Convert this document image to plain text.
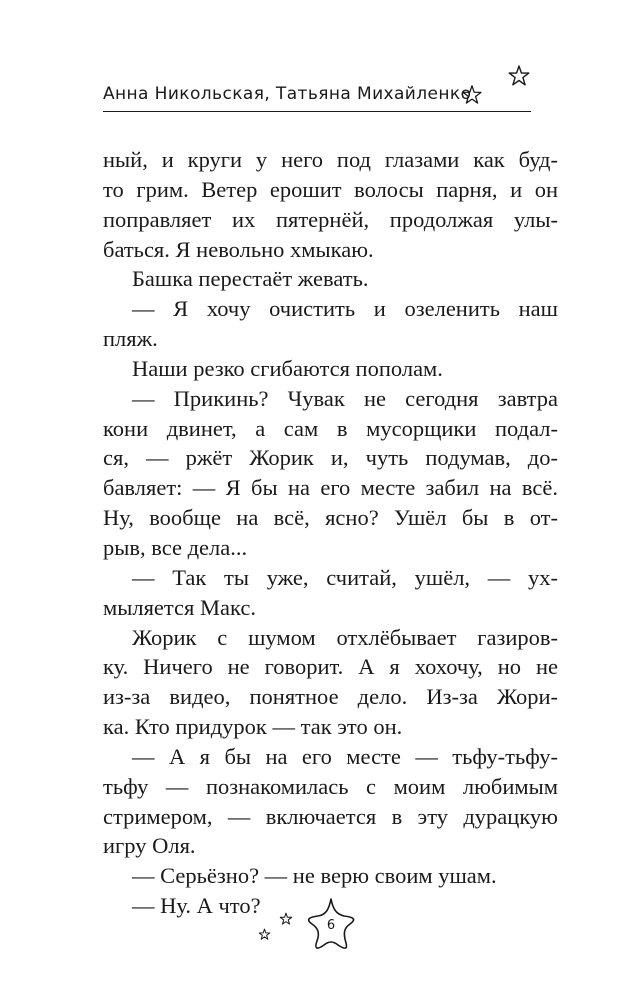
Анна Никольская, Татьяна Михайленко
ный, и круги у него под глазами как буд-
то грим. Ветер ерошит волосы парня, и он
поправляет их пятернёй, продолжая улы-
баться. Я невольно хмыкаю.
Башка перестаёт жевать.
— Я хочу очистить и озеленить наш
пляж.
Наши резко сгибаются пополам.
— Прикинь? Чувак не сегодня завтра
кони двинет, а сам в мусорщики подал-
ся, — ржёт Жорик и, чуть подумав, до-
бавляет: — Я бы на его месте забил на всё.
Ну, вообще на всё, ясно? Ушёл бы в от-
рыв, все дела...
— Так ты уже, считай, ушёл, — ух-
мыляется Макс.
Жорик с шумом отхлёбывает газиров-
ку. Ничего не говорит. А я хохочу, но не
из-за видео, понятное дело. Из-за Жори-
ка. Кто придурок — так это он.
— А я бы на его месте — тьфу-тьфу-
тьфу — познакомилась с моим любимым
стримером, — включается в эту дурацкую
игру Оля.
— Серьёзно? — не верю своим ушам.
— Ну. А что?
6
